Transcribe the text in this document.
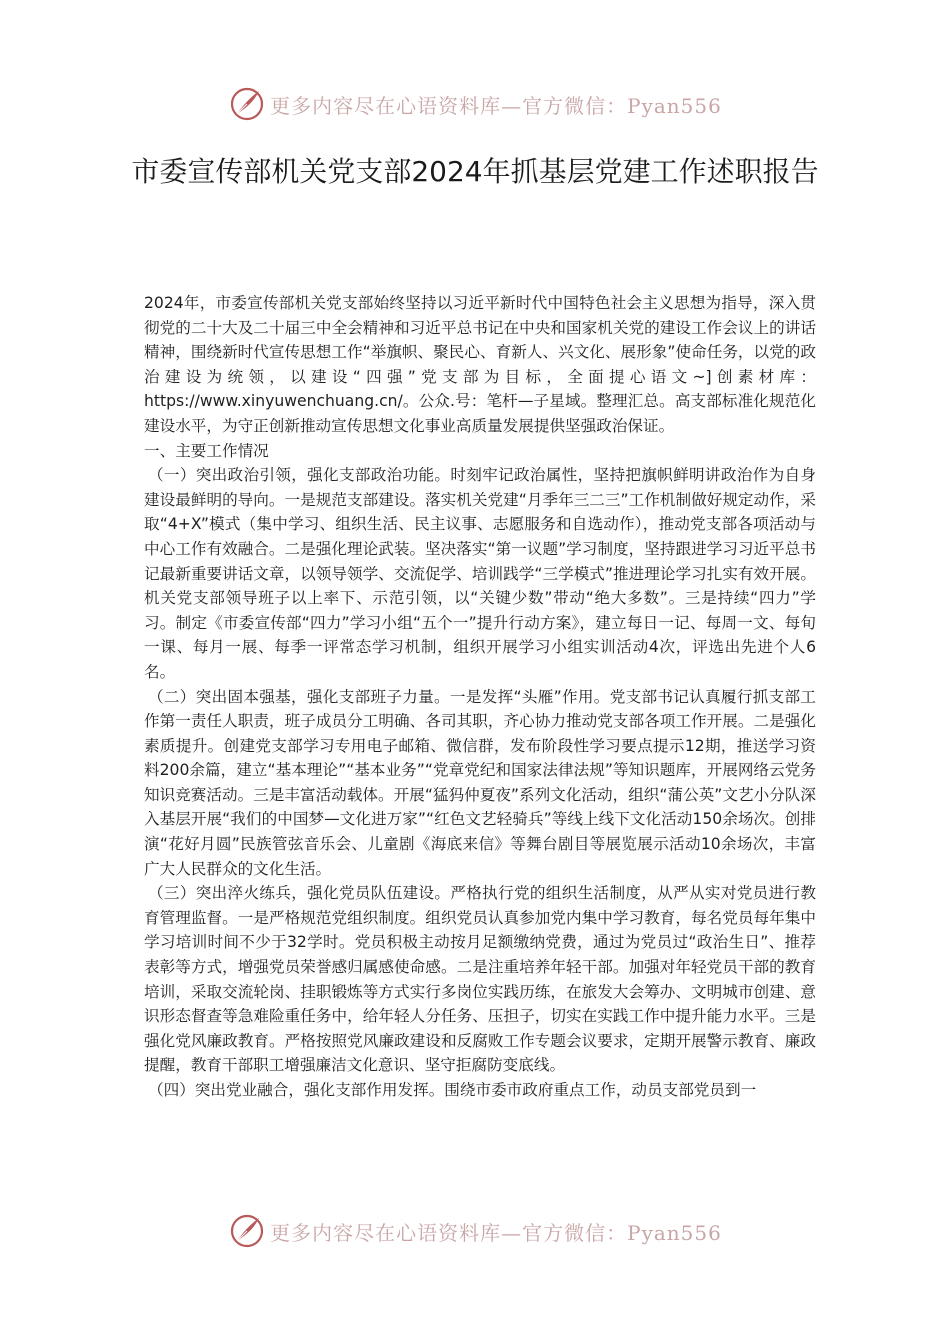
更多内容尽在心语资料库—官方微信：Pyan556
市委宣传部机关党支部2024年抓基层党建工作述职报告

2024年，市委宣传部机关党支部始终坚持以习近平新时代中国特色社会主义思想为指导，深入贯彻党的二十大及二十届三中全会精神和习近平总书记在中央和国家机关党的建设工作会议上的讲话精神，围绕新时代宣传思想工作“举旗帜、聚民心、育新人、兴文化、展形象”使命任务，以党的政治建设为统领，以建设“四强”党支部为目标，全面提心语文~]创素材库：https://www.xinyuwenchuang.cn/。公众.号：笔杆—子星域。整理汇总。高支部标准化规范化建设水平，为守正创新推动宣传思想文化事业高质量发展提供坚强政治保证。

一、主要工作情况

（一）突出政治引领，强化支部政治功能。时刻牢记政治属性，坚持把旗帜鲜明讲政治作为自身建设最鲜明的导向。一是规范支部建设。落实机关党建“月季年三二三”工作机制做好规定动作，采取“4+X”模式（集中学习、组织生活、民主议事、志愿服务和自选动作），推动党支部各项活动与中心工作有效融合。二是强化理论武装。坚决落实“第一议题”学习制度，坚持跟进学习习近平总书记最新重要讲话文章，以领导领学、交流促学、培训践学“三学模式”推进理论学习扎实有效开展。机关党支部领导班子以上率下、示范引领，以“关键少数”带动“绝大多数”。三是持续“四力”学习。制定《市委宣传部“四力”学习小组“五个一”提升行动方案》，建立每日一记、每周一文、每旬一课、每月一展、每季一评常态学习机制，组织开展学习小组实训活动4次，评选出先进个人6名。

（二）突出固本强基，强化支部班子力量。一是发挥“头雁”作用。党支部书记认真履行抓支部工作第一责任人职责，班子成员分工明确、各司其职，齐心协力推动党支部各项工作开展。二是强化素质提升。创建党支部学习专用电子邮箱、微信群，发布阶段性学习要点提示12期，推送学习资料200余篇，建立“基本理论”“基本业务”“党章党纪和国家法律法规”等知识题库，开展网络云党务知识竞赛活动。三是丰富活动载体。开展“猛犸仲夏夜”系列文化活动，组织“蒲公英”文艺小分队深入基层开展“我们的中国梦—文化进万家”“红色文艺轻骑兵”等线上线下文化活动150余场次。创排演“花好月圆”民族管弦音乐会、儿童剧《海底来信》等舞台剧目等展览展示活动10余场次，丰富广大人民群众的文化生活。

（三）突出淬火练兵，强化党员队伍建设。严格执行党的组织生活制度，从严从实对党员进行教育管理监督。一是严格规范党组织制度。组织党员认真参加党内集中学习教育，每名党员每年集中学习培训时间不少于32学时。党员积极主动按月足额缴纳党费，通过为党员过“政治生日”、推荐表彰等方式，增强党员荣誉感归属感使命感。二是注重培养年轻干部。加强对年轻党员干部的教育培训，采取交流轮岗、挂职锻炼等方式实行多岗位实践历练，在旅发大会筹办、文明城市创建、意识形态督查等急难险重任务中，给年轻人分任务、压担子，切实在实践工作中提升能力水平。三是强化党风廉政教育。严格按照党风廉政建设和反腐败工作专题会议要求，定期开展警示教育、廉政提醒，教育干部职工增强廉洁文化意识、坚守拒腐防变底线。

（四）突出党业融合，强化支部作用发挥。围绕市委市政府重点工作，动员支部党员到一

更多内容尽在心语资料库—官方微信：Pyan556
